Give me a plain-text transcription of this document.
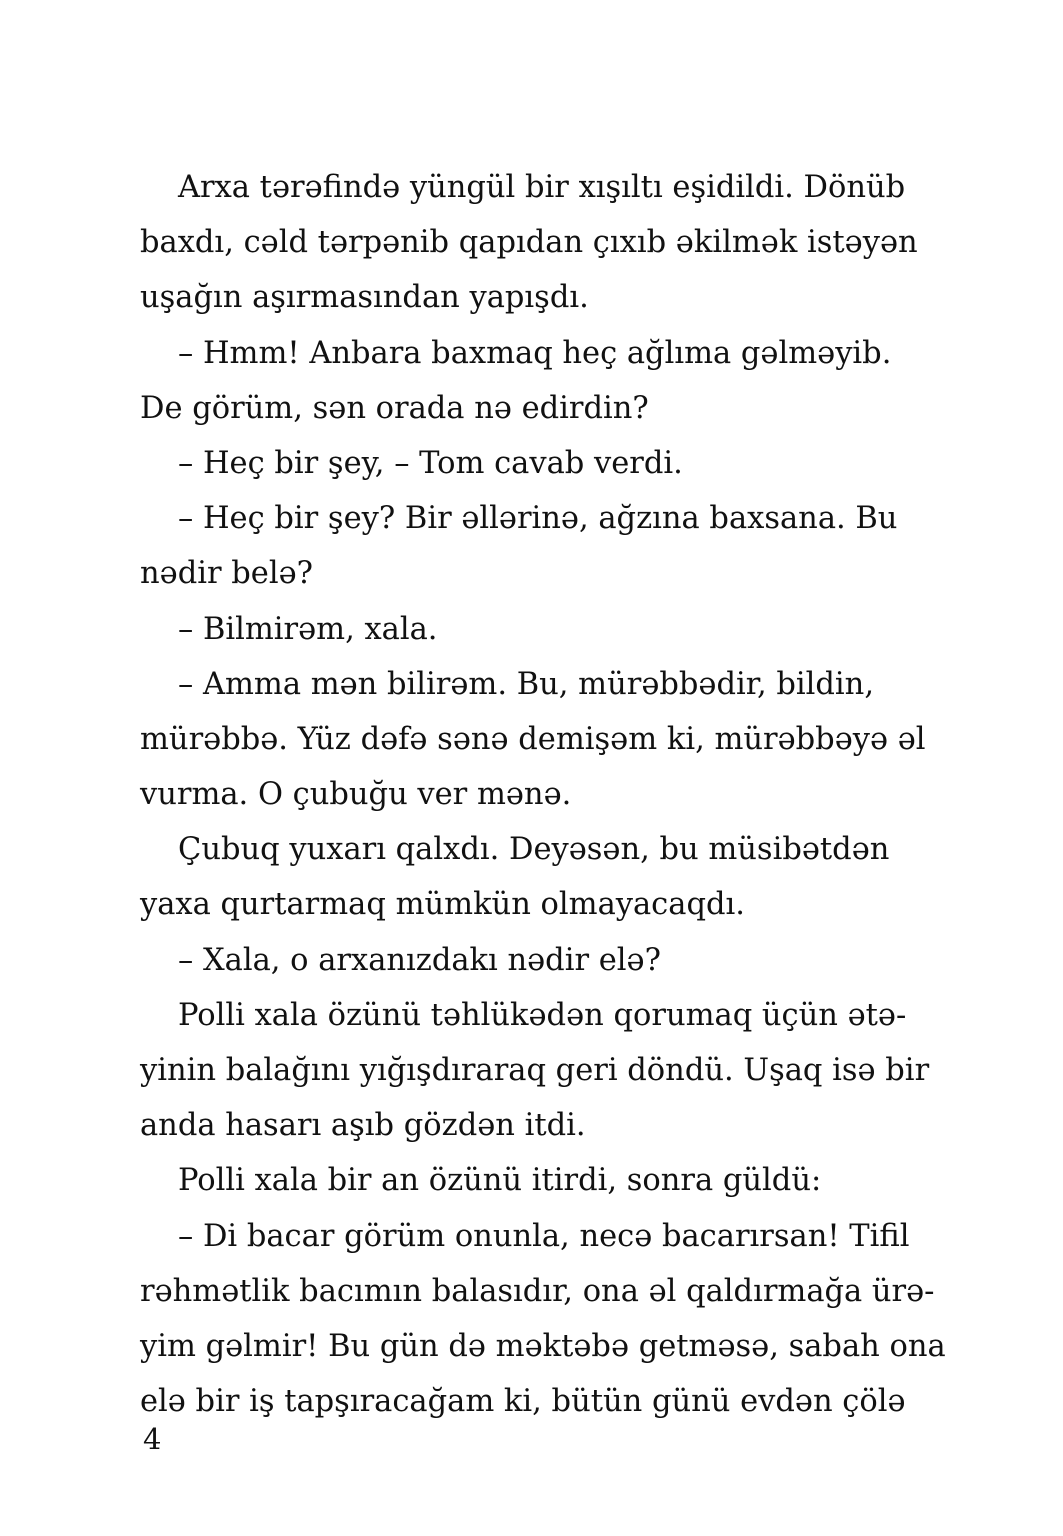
Arxa tərəfində yüngül bir xışıltı eşidildi. Dönüb
baxdı, cəld tərpənib qapıdan çıxıb əkilmək istəyən
uşağın aşırmasından yapışdı.
– Hmm! Anbara baxmaq heç ağlıma gəlməyib.
De görüm, sən orada nə edirdin?
– Heç bir şey, – Tom cavab verdi.
– Heç bir şey? Bir əllərinə, ağzına baxsana. Bu
nədir belə?
– Bilmirəm, xala.
– Amma mən bilirəm. Bu, mürəbbədir, bildin,
mürəbbə. Yüz dəfə sənə demişəm ki, mürəbbəyə əl
vurma. O çubuğu ver mənə.
Çubuq yuxarı qalxdı. Deyəsən, bu müsibətdən
yaxa qurtarmaq mümkün olmayacaqdı.
– Xala, o arxanızdakı nədir elə?
Polli xala özünü təhlükədən qorumaq üçün ətə-
yinin balağını yığışdıraraq geri döndü. Uşaq isə bir
anda hasarı aşıb gözdən itdi.
Polli xala bir an özünü itirdi, sonra güldü:
– Di bacar görüm onunla, necə bacarırsan! Tifil
rəhmətlik bacımın balasıdır, ona əl qaldırmağa ürə-
yim gəlmir! Bu gün də məktəbə getməsə, sabah ona
elə bir iş tapşıracağam ki, bütün günü evdən çölə
4
